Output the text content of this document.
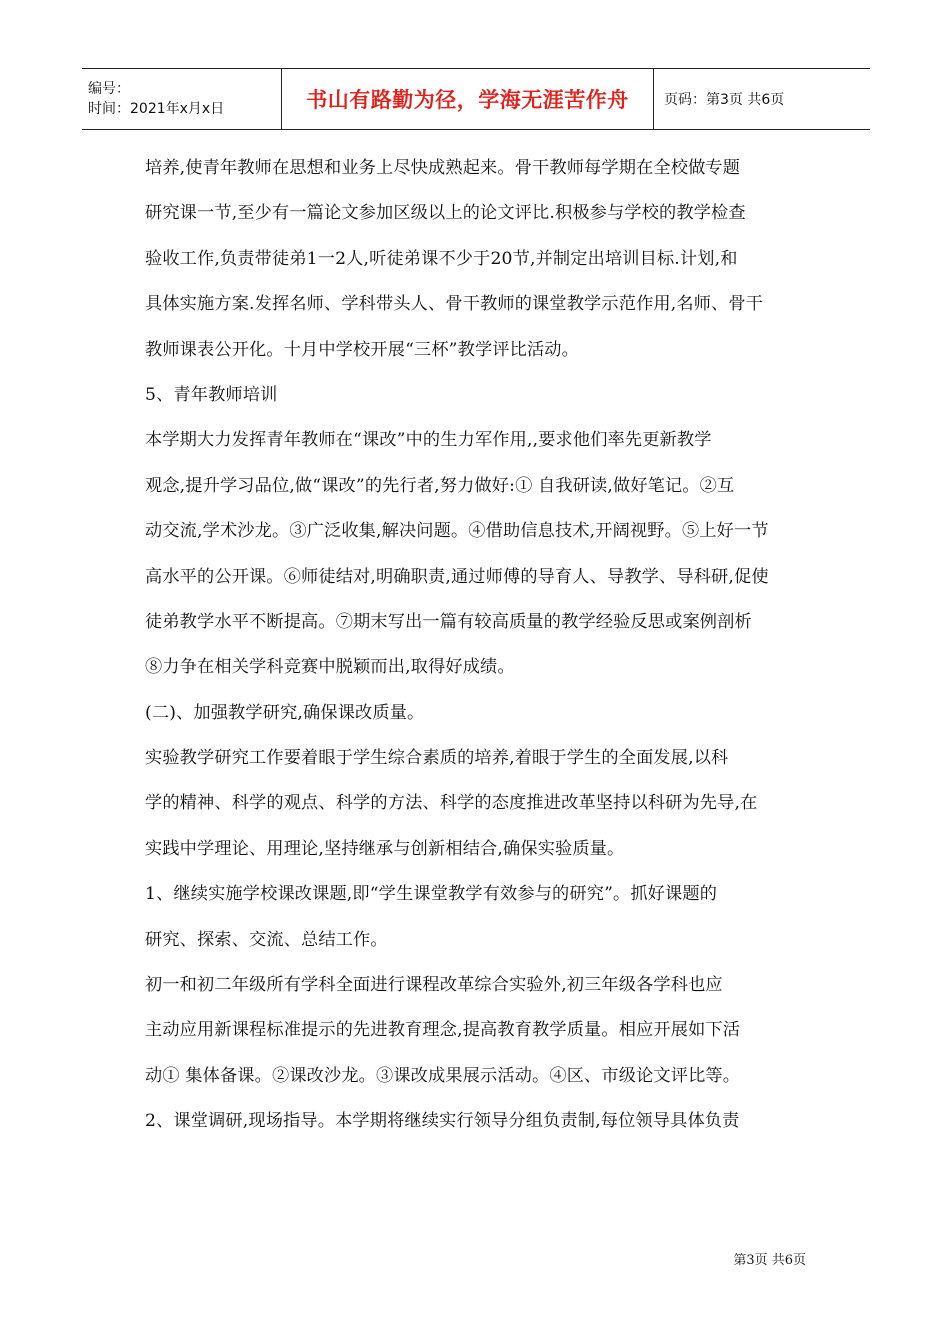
编号：
时间：2021年x月x日	书山有路勤为径，学海无涯苦作舟	页码：第3页 共6页
培养,使青年教师在思想和业务上尽快成熟起来。骨干教师每学期在全校做专题
研究课一节,至少有一篇论文参加区级以上的论文评比.积极参与学校的教学检查
验收工作,负责带徒弟1一2人,听徒弟课不少于20节,并制定出培训目标.计划,和
具体实施方案.发挥名师、学科带头人、骨干教师的课堂教学示范作用,名师、骨干
教师课表公开化。十月中学校开展“三杯”教学评比活动。
5、青年教师培训
本学期大力发挥青年教师在“课改”中的生力军作用,,要求他们率先更新教学
观念,提升学习品位,做“课改”的先行者,努力做好:① 自我研读,做好笔记。②互
动交流,学术沙龙。③广泛收集,解决问题。④借助信息技术,开阔视野。⑤上好一节
高水平的公开课。⑥师徒结对,明确职责,通过师傅的导育人、导教学、导科研,促使
徒弟教学水平不断提高。⑦期末写出一篇有较高质量的教学经验反思或案例剖析
⑧力争在相关学科竞赛中脱颖而出,取得好成绩。
(二)、加强教学研究,确保课改质量。
实验教学研究工作要着眼于学生综合素质的培养,着眼于学生的全面发展,以科
学的精神、科学的观点、科学的方法、科学的态度推进改革坚持以科研为先导,在
实践中学理论、用理论,坚持继承与创新相结合,确保实验质量。
1、继续实施学校课改课题,即“学生课堂教学有效参与的研究”。抓好课题的
研究、探索、交流、总结工作。
初一和初二年级所有学科全面进行课程改革综合实验外,初三年级各学科也应
主动应用新课程标准提示的先进教育理念,提高教育教学质量。相应开展如下活
动① 集体备课。②课改沙龙。③课改成果展示活动。④区、市级论文评比等。
2、课堂调研,现场指导。本学期将继续实行领导分组负责制,每位领导具体负责
第3页 共6页
